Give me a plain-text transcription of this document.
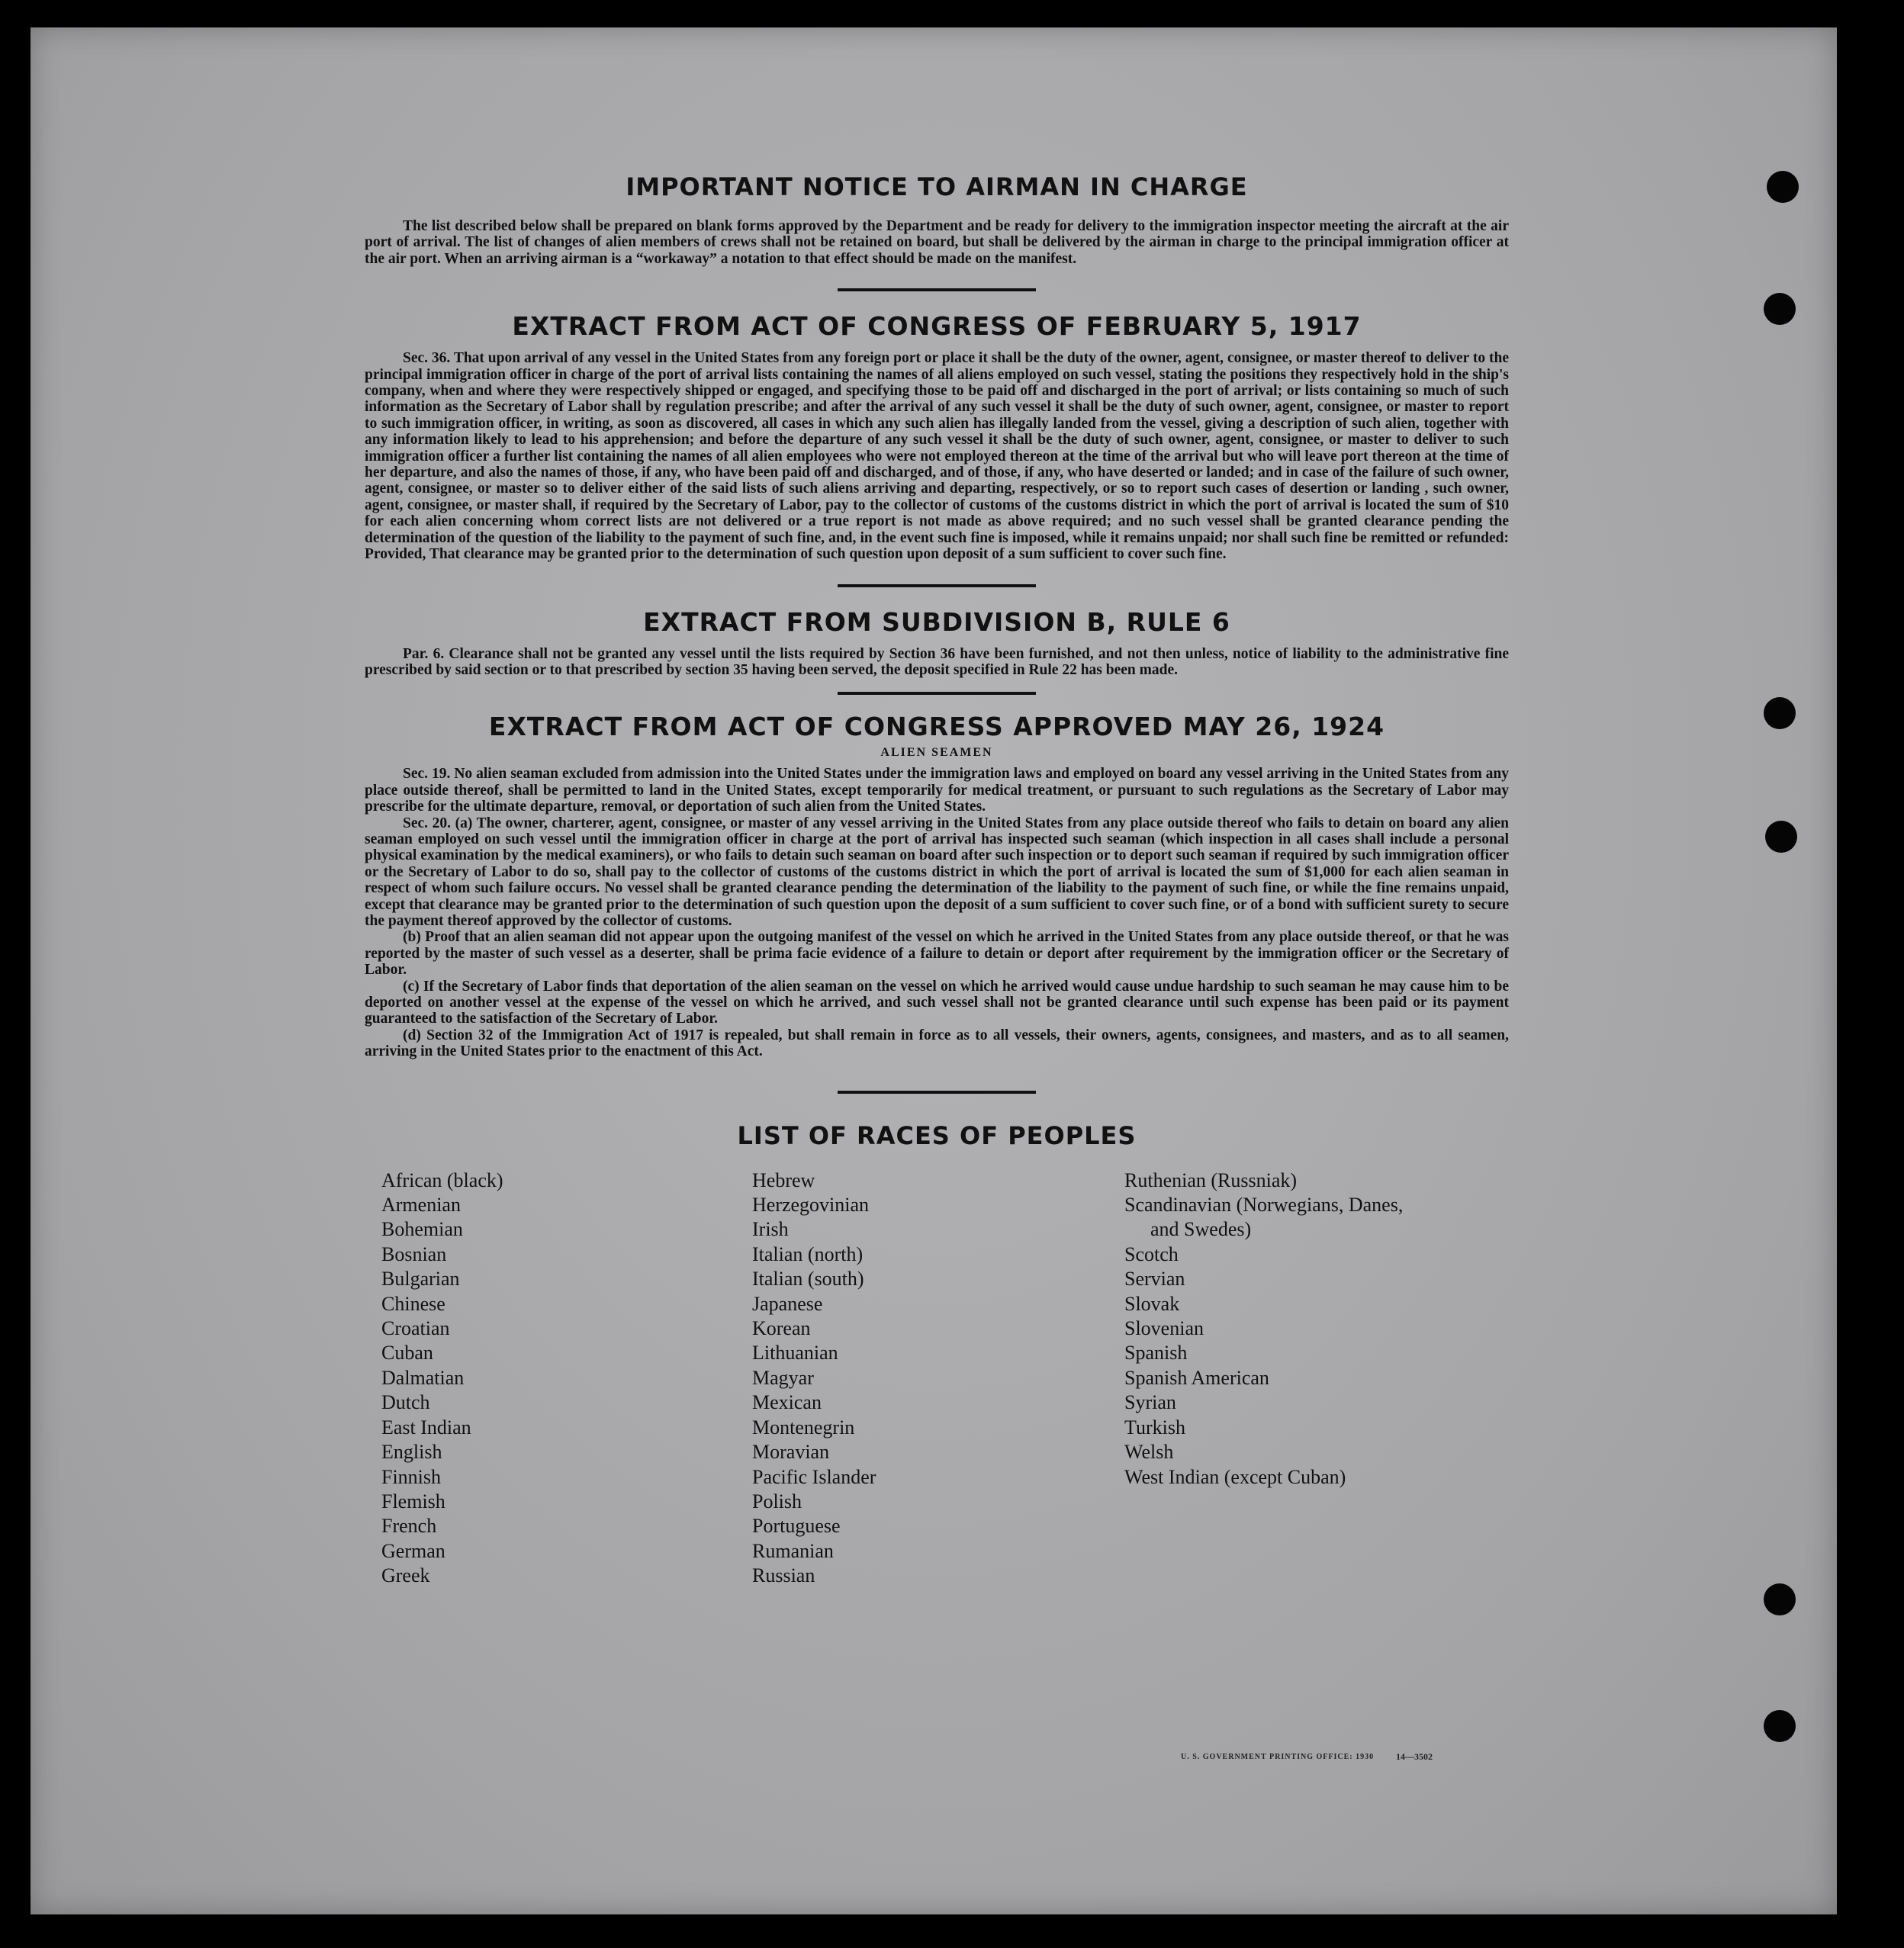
IMPORTANT NOTICE TO AIRMAN IN CHARGE

The list described below shall be prepared on blank forms approved by the Department and be ready for delivery to the immigration inspector meeting the aircraft at the air port of arrival. The list of changes of alien members of crews shall not be retained on board, but shall be delivered by the airman in charge to the principal immigration officer at the air port. When an arriving airman is a “workaway” a notation to that effect should be made on the manifest.

EXTRACT FROM ACT OF CONGRESS OF FEBRUARY 5, 1917

Sec. 36. That upon arrival of any vessel in the United States from any foreign port or place it shall be the duty of the owner, agent, consignee, or master thereof to deliver to the principal immigration officer in charge of the port of arrival lists containing the names of all aliens employed on such vessel, stating the positions they respectively hold in the ship's company, when and where they were respectively shipped or engaged, and specifying those to be paid off and discharged in the port of arrival; or lists containing so much of such information as the Secretary of Labor shall by regulation prescribe; and after the arrival of any such vessel it shall be the duty of such owner, agent, consignee, or master to report to such immigration officer, in writing, as soon as discovered, all cases in which any such alien has illegally landed from the vessel, giving a description of such alien, together with any information likely to lead to his apprehension; and before the departure of any such vessel it shall be the duty of such owner, agent, consignee, or master to deliver to such immigration officer a further list containing the names of all alien employees who were not employed thereon at the time of the arrival but who will leave port thereon at the time of her departure, and also the names of those, if any, who have been paid off and discharged, and of those, if any, who have deserted or landed; and in case of the failure of such owner, agent, consignee, or master so to deliver either of the said lists of such aliens arriving and departing, respectively, or so to report such cases of desertion or landing , such owner, agent, consignee, or master shall, if required by the Secretary of Labor, pay to the collector of customs of the customs district in which the port of arrival is located the sum of $10 for each alien concerning whom correct lists are not delivered or a true report is not made as above required; and no such vessel shall be granted clearance pending the determination of the question of the liability to the payment of such fine, and, in the event such fine is imposed, while it remains unpaid; nor shall such fine be remitted or refunded: Provided, That clearance may be granted prior to the determination of such question upon deposit of a sum sufficient to cover such fine.

EXTRACT FROM SUBDIVISION B, RULE 6

Par. 6. Clearance shall not be granted any vessel until the lists required by Section 36 have been furnished, and not then unless, notice of liability to the administrative fine prescribed by said section or to that prescribed by section 35 having been served, the deposit specified in Rule 22 has been made.

EXTRACT FROM ACT OF CONGRESS APPROVED MAY 26, 1924
ALIEN SEAMEN

Sec. 19. No alien seaman excluded from admission into the United States under the immigration laws and employed on board any vessel arriving in the United States from any place outside thereof, shall be permitted to land in the United States, except temporarily for medical treatment, or pursuant to such regulations as the Secretary of Labor may prescribe for the ultimate departure, removal, or deportation of such alien from the United States.

Sec. 20. (a) The owner, charterer, agent, consignee, or master of any vessel arriving in the United States from any place outside thereof who fails to detain on board any alien seaman employed on such vessel until the immigration officer in charge at the port of arrival has inspected such seaman (which inspection in all cases shall include a personal physical examination by the medical examiners), or who fails to detain such seaman on board after such inspection or to deport such seaman if required by such immigration officer or the Secretary of Labor to do so, shall pay to the collector of customs of the customs district in which the port of arrival is located the sum of $1,000 for each alien seaman in respect of whom such failure occurs. No vessel shall be granted clearance pending the determination of the liability to the payment of such fine, or while the fine remains unpaid, except that clearance may be granted prior to the determination of such question upon the deposit of a sum sufficient to cover such fine, or of a bond with sufficient surety to secure the payment thereof approved by the collector of customs.

(b) Proof that an alien seaman did not appear upon the outgoing manifest of the vessel on which he arrived in the United States from any place outside thereof, or that he was reported by the master of such vessel as a deserter, shall be prima facie evidence of a failure to detain or deport after requirement by the immigration officer or the Secretary of Labor.

(c) If the Secretary of Labor finds that deportation of the alien seaman on the vessel on which he arrived would cause undue hardship to such seaman he may cause him to be deported on another vessel at the expense of the vessel on which he arrived, and such vessel shall not be granted clearance until such expense has been paid or its payment guaranteed to the satisfaction of the Secretary of Labor.

(d) Section 32 of the Immigration Act of 1917 is repealed, but shall remain in force as to all vessels, their owners, agents, consignees, and masters, and as to all seamen, arriving in the United States prior to the enactment of this Act.

LIST OF RACES OF PEOPLES
African (black)
Armenian
Bohemian
Bosnian
Bulgarian
Chinese
Croatian
Cuban
Dalmatian
Dutch
East Indian
English
Finnish
Flemish
French
German
Greek
Hebrew
Herzegovinian
Irish
Italian (north)
Italian (south)
Japanese
Korean
Lithuanian
Magyar
Mexican
Montenegrin
Moravian
Pacific Islander
Polish
Portuguese
Rumanian
Russian
Ruthenian (Russniak)
Scandinavian (Norwegians, Danes,
and Swedes)
Scotch
Servian
Slovak
Slovenian
Spanish
Spanish American
Syrian
Turkish
Welsh
West Indian (except Cuban)
U. S. GOVERNMENT PRINTING OFFICE: 1930 14—3502
